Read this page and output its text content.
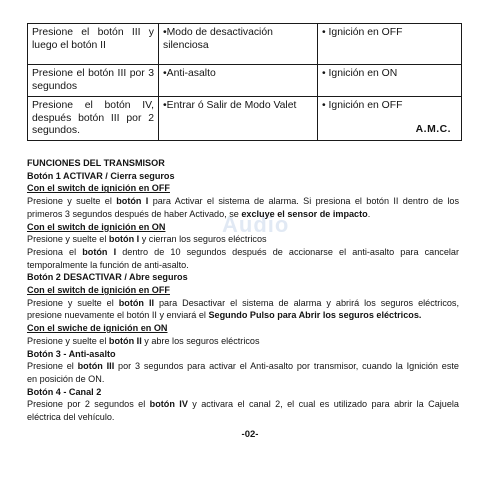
Presione el botón III y luego el botón II	•Modo de desactivación silenciosa	• Ignición en OFF
Presione el botón III por 3 segundos	•Anti-asalto	• Ignición en ON
Presione el botón IV, después botón III por 2 segundos.	•Entrar ó Salir de Modo Valet	• Ignición en OFF
A.M.C.
Audio
FUNCIONES DEL TRANSMISOR
Botón 1 ACTIVAR / Cierra seguros
Con el switch de ignición en OFF
Presione y suelte el botón I para Activar el sistema de alarma. Si presiona el botón II dentro de los
primeros 3 segundos después de haber Activado, se excluye el sensor de impacto.
Con el switch de ignición en ON
Presione y suelte el botón I y cierran los seguros eléctricos
Presiona el botón I dentro de 10 segundos después de accionarse el anti-asalto para cancelar
temporalmente la función de anti-asalto.
Botón 2 DESACTIVAR / Abre seguros
Con el switch de ignición en OFF
Presione y suelte el botón II para Desactivar el sistema de alarma y abrirá los seguros eléctricos,
presione nuevamente el botón II y enviará el Segundo Pulso para Abrir los seguros eléctricos.
Con el swiche de ignición en ON
Presione y suelte el botón II y abre los seguros eléctricos
Botón 3 - Anti-asalto
Presione el botón III por 3 segundos para activar el Anti-asalto por transmisor, cuando la Ignición este
en posición de ON.
Botón 4 - Canal 2
Presione por 2 segundos el botón IV y activara el canal 2, el cual es utilizado para abrir la Cajuela
eléctrica del vehículo.
-02-
